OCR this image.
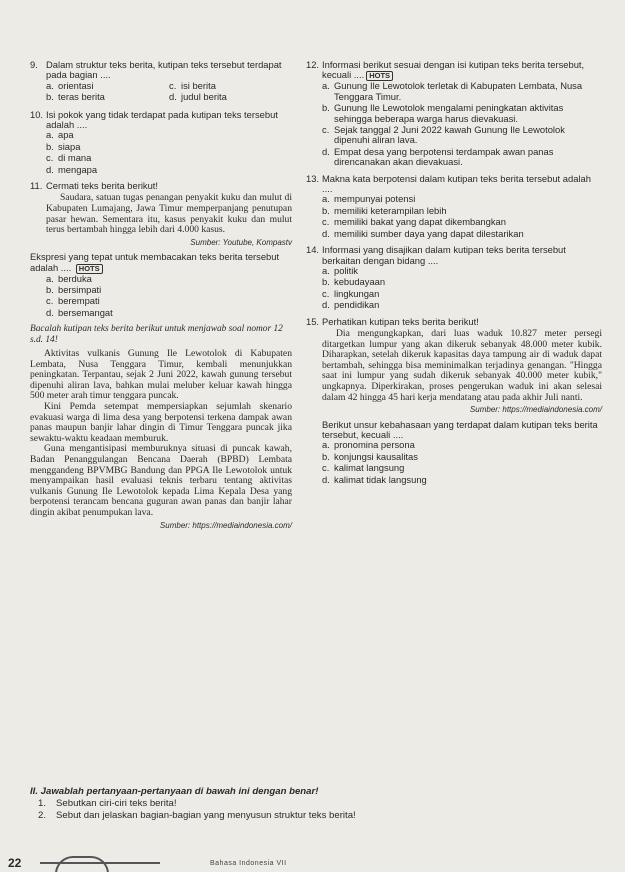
9. Dalam struktur teks berita, kutipan teks tersebut terdapat pada bagian ....
a. orientasi	c. isi berita
b. teras berita	d. judul berita
10. Isi pokok yang tidak terdapat pada kutipan teks tersebut adalah ....
a. apa
b. siapa
c. di mana
d. mengapa
11. Cermati teks berita berikut!

Saudara, satuan tugas penangan penyakit kuku dan mulut di Kabupaten Lumajang, Jawa Timur memperpanjang penutupan pasar hewan. Sementara itu, kasus penyakit kuku dan mulut terus bertambah hingga lebih dari 4.000 kasus.

Sumber: Youtube, Kompastv
Ekspresi yang tepat untuk membacakan teks berita tersebut adalah .... HOTS
a. berduka
b. bersimpati
c. berempati
d. bersemangat
Bacalah kutipan teks berita berikut untuk menjawab soal nomor 12 s.d. 14!

Aktivitas vulkanis Gunung Ile Lewotolok di Kabupaten Lembata, Nusa Tenggara Timur, kembali menunjukkan peningkatan. Terpantau, sejak 2 Juni 2022, kawah gunung tersebut dipenuhi aliran lava, bahkan mulai meluber keluar kawah hingga 500 meter arah timur tenggara puncak.

Kini Pemda setempat mempersiapkan sejumlah skenario evakuasi warga di lima desa yang berpotensi terkena dampak awan panas maupun banjir lahar dingin di Timur Tenggara puncak jika sewaktu-waktu keadaan memburuk.

Guna mengantisipasi memburuknya situasi di puncak kawah, Badan Penanggulangan Bencana Daerah (BPBD) Lembata menggandeng BPVMBG Bandung dan PPGA Ile Lewotolok untuk menyampaikan hasil evaluasi teknis terbaru tentang aktivitas vulkanis Gunung Ile Lewotolok kepada Lima Kepala Desa yang berpotensi terancam bencana guguran awan panas dan banjir lahar dingin akibat penumpukan lava.

Sumber: https://mediaindonesia.com/
12. Informasi berikut sesuai dengan isi kutipan teks berita tersebut, kecuali .... HOTS
a. Gunung Ile Lewotolok terletak di Kabupaten Lembata, Nusa Tenggara Timur.
b. Gunung Ile Lewotolok mengalami peningkatan aktivitas sehingga beberapa warga harus dievakuasi.
c. Sejak tanggal 2 Juni 2022 kawah Gunung Ile Lewotolok dipenuhi aliran lava.
d. Empat desa yang berpotensi terdampak awan panas direncanakan akan dievakuasi.
13. Makna kata berpotensi dalam kutipan teks berita tersebut adalah ....
a. mempunyai potensi
b. memiliki keterampilan lebih
c. memiliki bakat yang dapat dikembangkan
d. memiliki sumber daya yang dapat dilestarikan
14. Informasi yang disajikan dalam kutipan teks berita tersebut berkaitan dengan bidang ....
a. politik
b. kebudayaan
c. lingkungan
d. pendidikan
15. Perhatikan kutipan teks berita berikut!

Dia mengungkapkan, dari luas waduk 10.827 meter persegi ditargetkan lumpur yang akan dikeruk sebanyak 48.000 meter kubik. Diharapkan, setelah dikeruk kapasitas daya tampung air di waduk dapat bertambah, sehingga bisa meminimalkan terjadinya genangan. "Hingga saat ini lumpur yang sudah dikeruk sebanyak 40.000 meter kubik," ungkapnya. Diperkirakan, proses pengerukan waduk ini akan selesai dalam 42 hingga 45 hari kerja mendatang atau pada akhir Juli nanti.

Sumber: https://mediaindonesia.com/
Berikut unsur kebahasaan yang terdapat dalam kutipan teks berita tersebut, kecuali ....
a. pronomina persona
b. konjungsi kausalitas
c. kalimat langsung
d. kalimat tidak langsung
II. Jawablah pertanyaan-pertanyaan di bawah ini dengan benar!
1.	Sebutkan ciri-ciri teks berita!
2.	Sebut dan jelaskan bagian-bagian yang menyusun struktur teks berita!
22	Bahasa Indonesia VII
